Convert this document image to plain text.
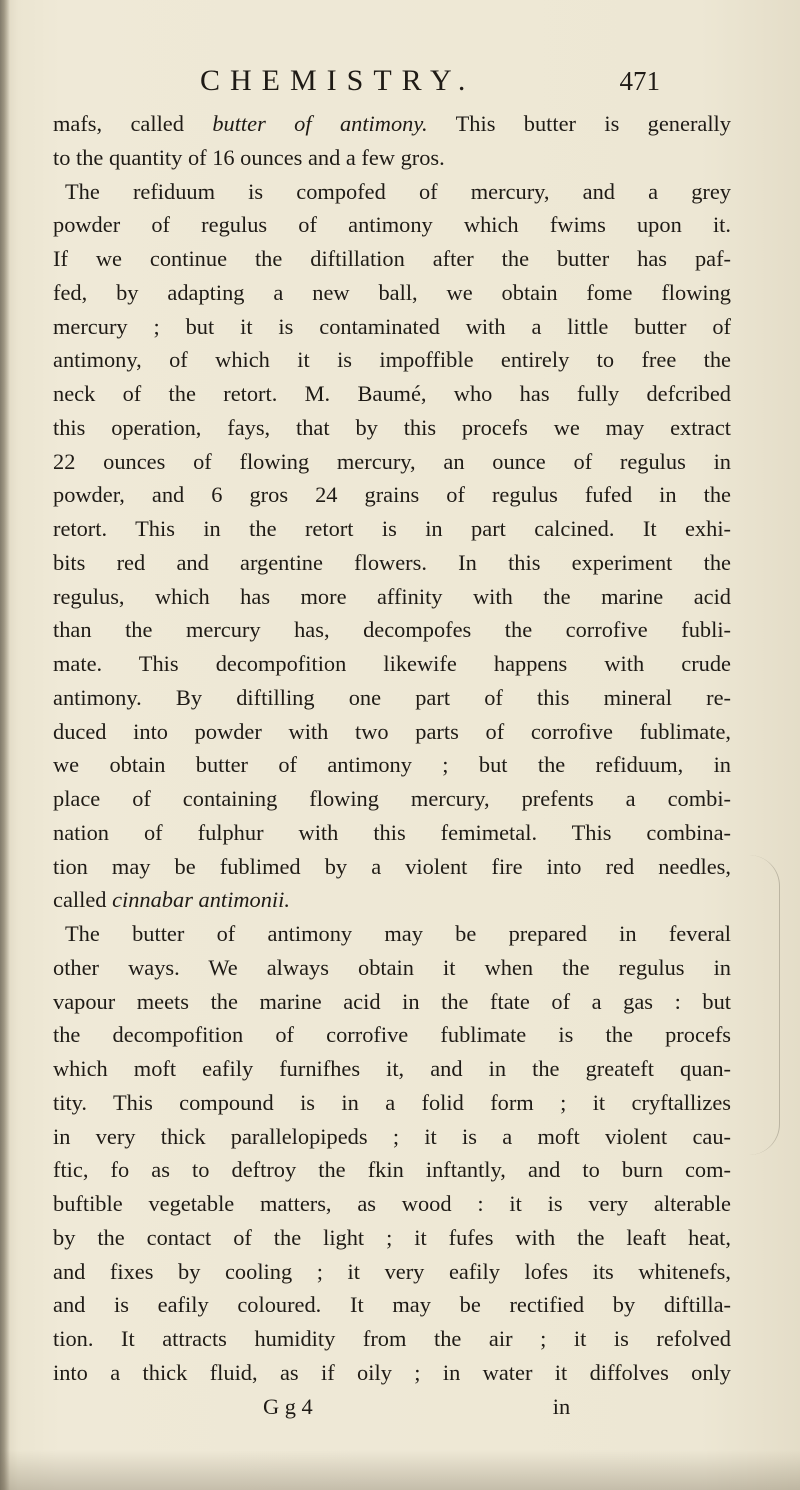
CHEMISTRY.	471
mafs, called butter of antimony. This butter is generally
to the quantity of 16 ounces and a few gros.
The refiduum is compofed of mercury, and a grey
powder of regulus of antimony which fwims upon it.
If we continue the diftillation after the butter has paf-
fed, by adapting a new ball, we obtain fome flowing
mercury ; but it is contaminated with a little butter of
antimony, of which it is impoffible entirely to free the
neck of the retort. M. Baumé, who has fully defcribed
this operation, fays, that by this procefs we may extract
22 ounces of flowing mercury, an ounce of regulus in
powder, and 6 gros 24 grains of regulus fufed in the
retort. This in the retort is in part calcined. It exhi-
bits red and argentine flowers. In this experiment the
regulus, which has more affinity with the marine acid
than the mercury has, decompofes the corrofive fubli-
mate. This decompofition likewife happens with crude
antimony. By diftilling one part of this mineral re-
duced into powder with two parts of corrofive fublimate,
we obtain butter of antimony ; but the refiduum, in
place of containing flowing mercury, prefents a combi-
nation of fulphur with this femimetal. This combina-
tion may be fublimed by a violent fire into red needles,
called cinnabar antimonii.
The butter of antimony may be prepared in feveral
other ways. We always obtain it when the regulus in
vapour meets the marine acid in the ftate of a gas : but
the decompofition of corrofive fublimate is the procefs
which moft eafily furnifhes it, and in the greateft quan-
tity. This compound is in a folid form ; it cryftallizes
in very thick parallelopipeds ; it is a moft violent cau-
ftic, fo as to deftroy the fkin inftantly, and to burn com-
buftible vegetable matters, as wood : it is very alterable
by the contact of the light ; it fufes with the leaft heat,
and fixes by cooling ; it very eafily lofes its whitenefs,
and is eafily coloured. It may be rectified by diftilla-
tion. It attracts humidity from the air ; it is refolved
into a thick fluid, as if oily ; in water it diffolves only
G g 4	in
